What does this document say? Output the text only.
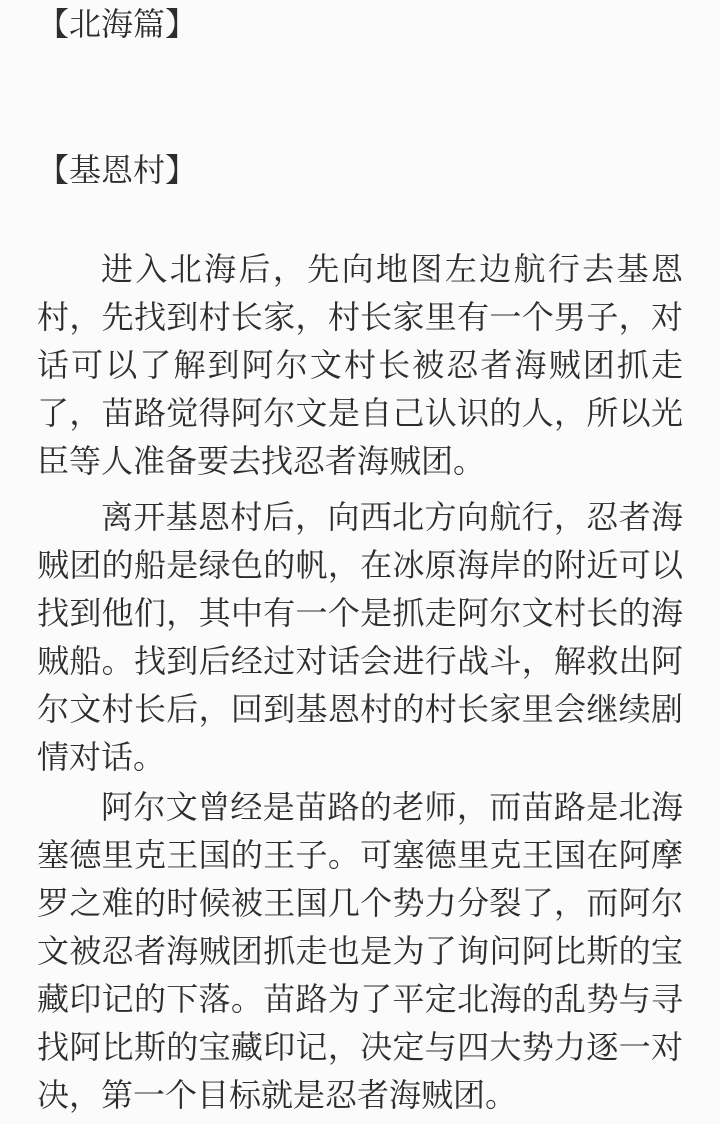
【北海篇】
【基恩村】

进入北海后，先向地图左边航行去基恩村，先找到村长家，村长家里有一个男子，对话可以了解到阿尔文村长被忍者海贼团抓走了，苗路觉得阿尔文是自己认识的人，所以光臣等人准备要去找忍者海贼团。

离开基恩村后，向西北方向航行，忍者海贼团的船是绿色的帆，在冰原海岸的附近可以找到他们，其中有一个是抓走阿尔文村长的海贼船。找到后经过对话会进行战斗，解救出阿尔文村长后，回到基恩村的村长家里会继续剧情对话。

阿尔文曾经是苗路的老师，而苗路是北海塞德里克王国的王子。可塞德里克王国在阿摩罗之难的时候被王国几个势力分裂了，而阿尔文被忍者海贼团抓走也是为了询问阿比斯的宝藏印记的下落。苗路为了平定北海的乱势与寻找阿比斯的宝藏印记，决定与四大势力逐一对决，第一个目标就是忍者海贼团。
